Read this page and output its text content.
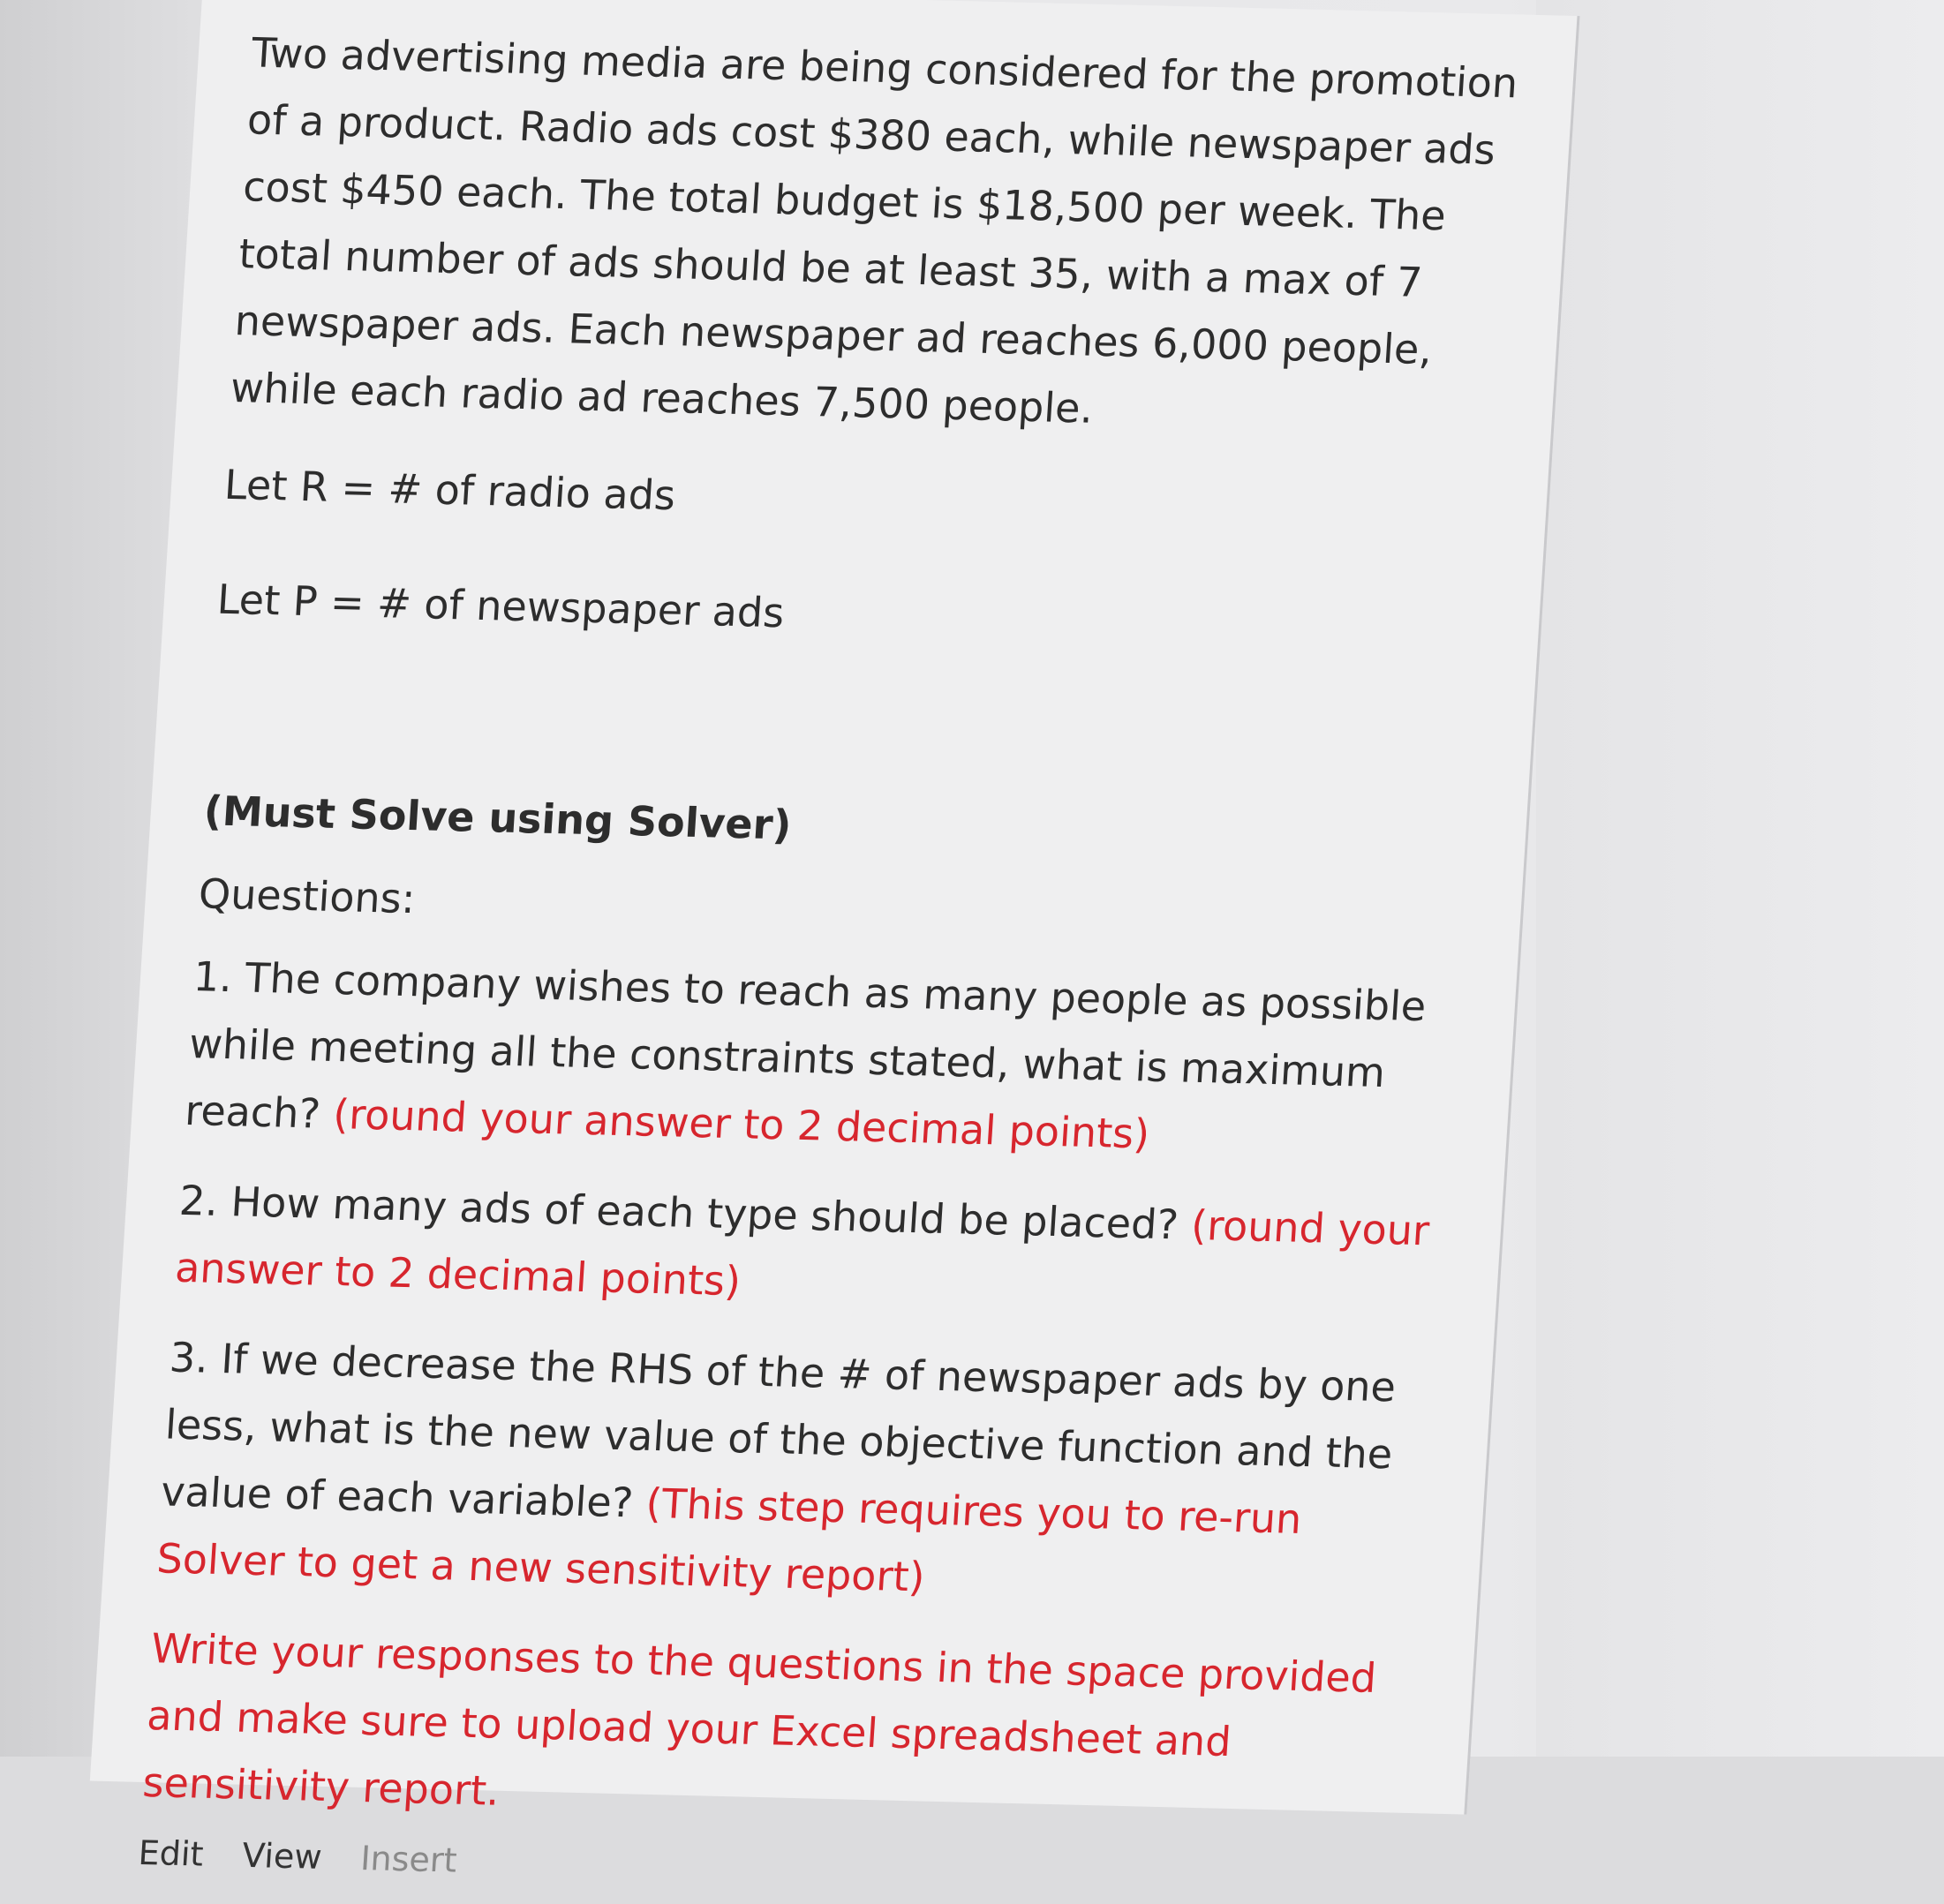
Two advertising media are being considered for the promotion of a product. Radio ads cost $380 each, while newspaper ads cost $450 each. The total budget is $18,500 per week. The total number of ads should be at least 35, with a max of 7 newspaper ads. Each newspaper ad reaches 6,000 people, while each radio ad reaches 7,500 people.

Let R = # of radio ads

Let P = # of newspaper ads

(Must Solve using Solver)

Questions:

1. The company wishes to reach as many people as possible while meeting all the constraints stated, what is maximum reach? (round your answer to 2 decimal points)

2. How many ads of each type should be placed? (round your answer to 2 decimal points)

3. If we decrease the RHS of the # of newspaper ads by one less, what is the new value of the objective function and the value of each variable? (This step requires you to re-run Solver to get a new sensitivity report)

Write your responses to the questions in the space provided and make sure to upload your Excel spreadsheet and sensitivity report.

Edit View Insert
